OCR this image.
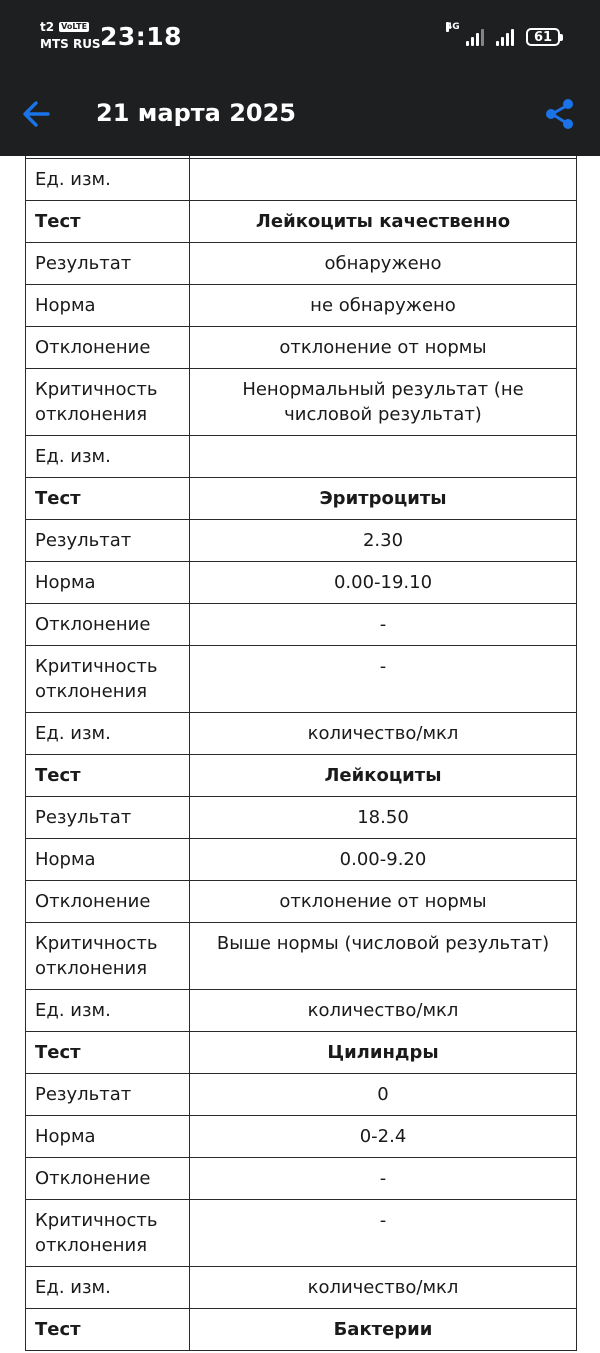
t2 VoLTE
MTS RUS 23:18	4G
61
21 марта 2025

Ед. изм.	
Тест	Лейкоциты качественно
Результат	обнаружено
Норма	не обнаружено
Отклонение	отклонение от нормы
Критичность отклонения	Ненормальный результат (не числовой результат)
Ед. изм.	
Тест	Эритроциты
Результат	2.30
Норма	0.00-19.10
Отклонение	-
Критичность отклонения	-
Ед. изм.	количество/мкл
Тест	Лейкоциты
Результат	18.50
Норма	0.00-9.20
Отклонение	отклонение от нормы
Критичность отклонения	Выше нормы (числовой результат)
Ед. изм.	количество/мкл
Тест	Цилиндры
Результат	0
Норма	0-2.4
Отклонение	-
Критичность отклонения	-
Ед. изм.	количество/мкл
Тест	Бактерии
